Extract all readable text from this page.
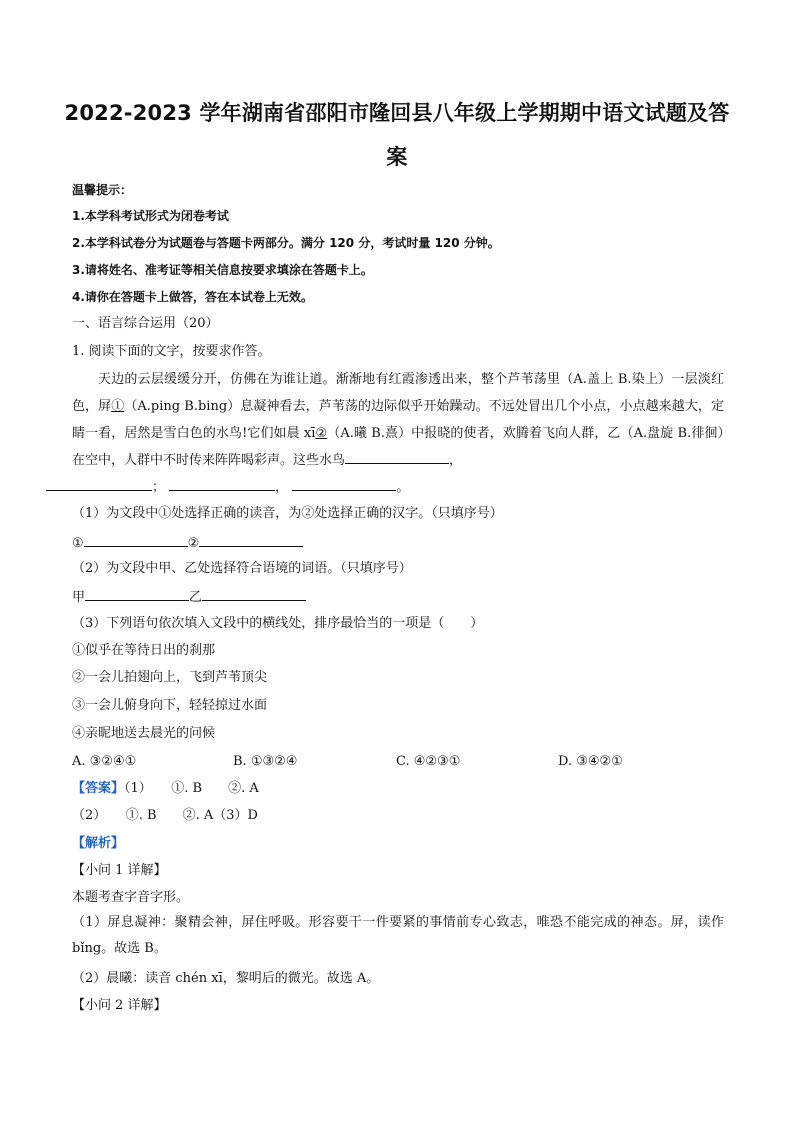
2022-2023 学年湖南省邵阳市隆回县八年级上学期期中语文试题及答
案
温馨提示：
1.本学科考试形式为闭卷考试
2.本学科试卷分为试题卷与答题卡两部分。满分 120 分，考试时量 120 分钟。
3.请将姓名、准考证等相关信息按要求填涂在答题卡上。
4.请你在答题卡上做答，答在本试卷上无效。
一、语言综合运用（20）
1. 阅读下面的文字，按要求作答。
天边的云层缓缓分开，仿佛在为谁让道。渐渐地有红霞渗透出来，整个芦苇荡里（A.盖上 B.染上）一层淡红色，屏①（A.ping B.bing）息凝神看去，芦苇荡的边际似乎开始躁动。不远处冒出几个小点，小点越来越大，定睛一看，居然是雪白色的水鸟!它们如晨 xī②（A.曦 B.熹）中报晓的使者，欢腾着飞向人群，乙（A.盘旋 B.徘徊）在空中，人群中不时传来阵阵喝彩声。这些水鸟	，
；	，	。
（1）为文段中①处选择正确的读音，为②处选择正确的汉字。（只填序号）
①	②
（2）为文段中甲、乙处选择符合语境的词语。（只填序号）
甲	乙
（3）下列语句依次填入文段中的横线处，排序最恰当的一项是（　　）
①似乎在等待日出的刹那
②一会儿拍翅向上，飞到芦苇顶尖
③一会儿俯身向下，轻轻掠过水面
④亲昵地送去晨光的问候
A. ③②④①	B. ①③②④	C. ④②③①	D. ③④②①
【答案】（1）　　①. B　　②. A
（2）　　①. B　　②. A（3）D
【解析】
【小问 1 详解】
本题考查字音字形。
（1）屏息凝神：聚精会神，屏住呼吸。形容要干一件要紧的事情前专心致志，唯恐不能完成的神态。屏，读作 bǐng。故选 B。
（2）晨曦：读音 chén xī，黎明后的微光。故选 A。
【小问 2 详解】
